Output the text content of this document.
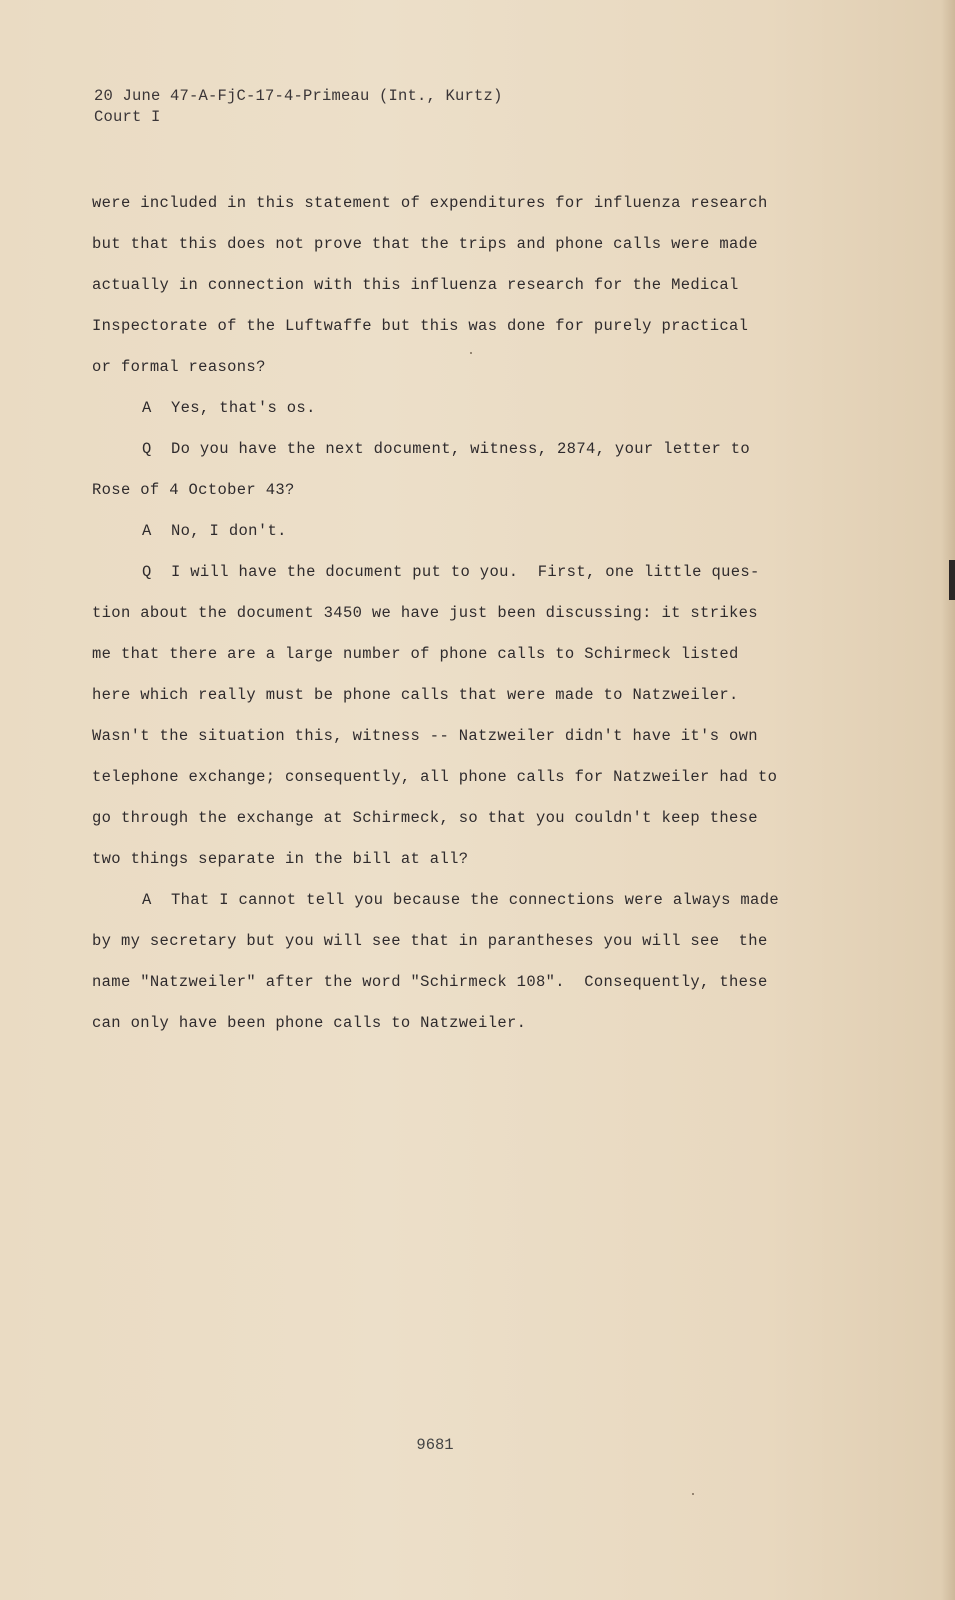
20 June 47-A-FjC-17-4-Primeau (Int., Kurtz)
Court I
were included in this statement of expenditures for influenza research
but that this does not prove that the trips and phone calls were made
actually in connection with this influenza research for the Medical
Inspectorate of the Luftwaffe but this was done for purely practical
or formal reasons?
A  Yes, that's os.
Q  Do you have the next document, witness, 2874, your letter to
Rose of 4 October 43?
A  No, I don't.
Q  I will have the document put to you.  First, one little ques-
tion about the document 3450 we have just been discussing: it strikes
me that there are a large number of phone calls to Schirmeck listed
here which really must be phone calls that were made to Natzweiler.
Wasn't the situation this, witness -- Natzweiler didn't have it's own
telephone exchange; consequently, all phone calls for Natzweiler had to
go through the exchange at Schirmeck, so that you couldn't keep these
two things separate in the bill at all?
A  That I cannot tell you because the connections were always made
by my secretary but you will see that in parantheses you will see  the
name "Natzweiler" after the word "Schirmeck 108".  Consequently, these
can only have been phone calls to Natzweiler.
9681
